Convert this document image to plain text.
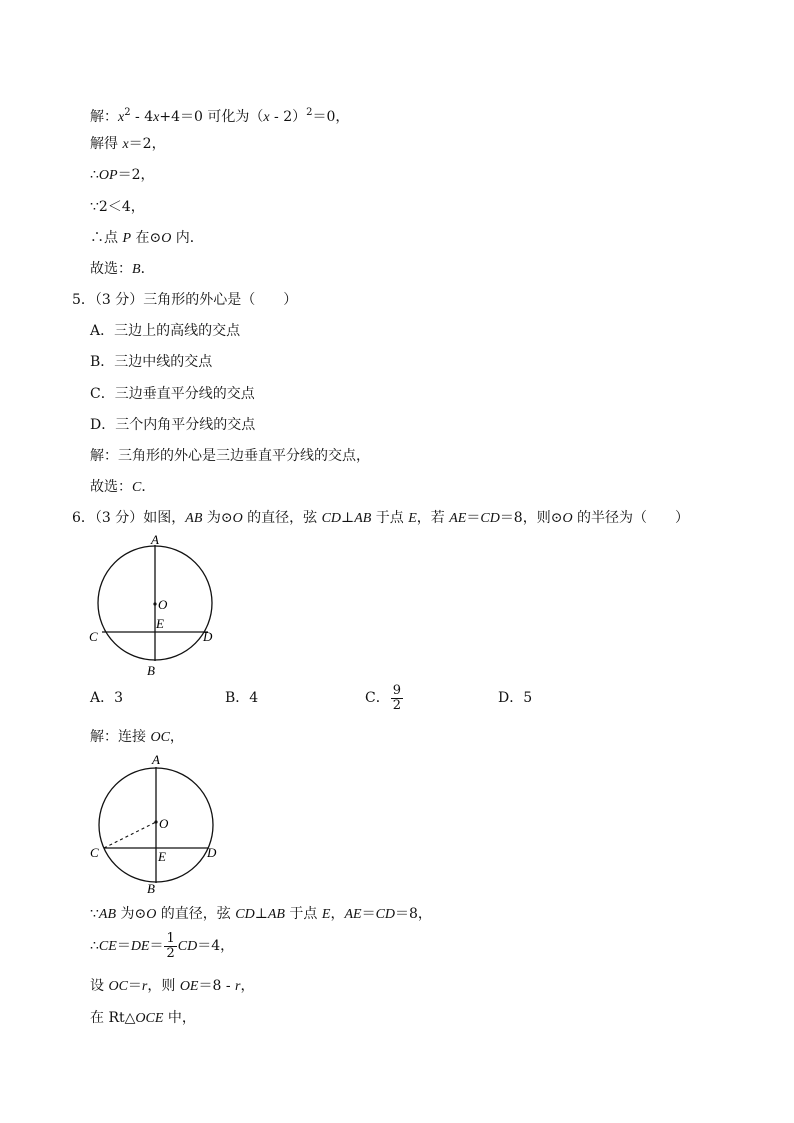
解：$x^2 - 4x+4=0$ 可化为（x - 2）$^2$＝0，
解得 x＝2，
∴OP＝2，
∵2＜4，
∴点 P 在⊙O 内．
故选：B．
5．（3 分）三角形的外心是（　　）
A．三边上的高线的交点
B．三边中线的交点
C．三边垂直平分线的交点
D．三个内角平分线的交点
解：三角形的外心是三边垂直平分线的交点，
故选：C．
6．（3 分）如图，AB 为⊙O 的直径，弦 CD⊥AB 于点 E，若 AE＝CD＝8，则⊙O 的半径为（　　）
A
O
E
C	D
B
A．3	B．4	C． $\frac{9}{2}$	D．5
解：连接 OC，
A
O
E
C	D
B
∵AB 为⊙O 的直径，弦 CD⊥AB 于点 E，AE＝CD＝8，
∴CE＝DE＝ $\frac{1}{2} CD=4$，
设 OC＝r，则 OE＝8 - r，
在 Rt△OCE 中，
